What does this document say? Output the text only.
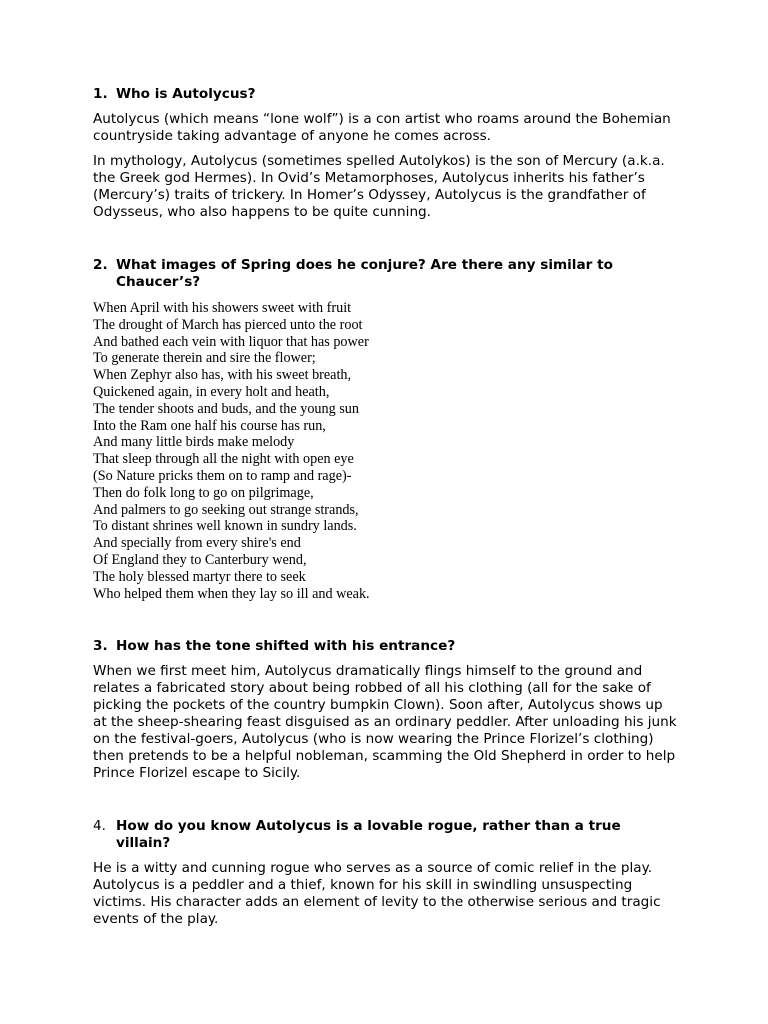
1. Who is Autolycus?

Autolycus (which means “lone wolf”) is a con artist who roams around the Bohemian countryside taking advantage of anyone he comes across.

In mythology, Autolycus (sometimes spelled Autolykos) is the son of Mercury (a.k.a. the Greek god Hermes). In Ovid’s Metamorphoses, Autolycus inherits his father’s (Mercury’s) traits of trickery. In Homer’s Odyssey, Autolycus is the grandfather of Odysseus, who also happens to be quite cunning.

2. What images of Spring does he conjure? Are there any similar to Chaucer’s?
When April with his showers sweet with fruit
The drought of March has pierced unto the root
And bathed each vein with liquor that has power
To generate therein and sire the flower;
When Zephyr also has, with his sweet breath,
Quickened again, in every holt and heath,
The tender shoots and buds, and the young sun
Into the Ram one half his course has run,
And many little birds make melody
That sleep through all the night with open eye
(So Nature pricks them on to ramp and rage)-
Then do folk long to go on pilgrimage,
And palmers to go seeking out strange strands,
To distant shrines well known in sundry lands.
And specially from every shire's end
Of England they to Canterbury wend,
The holy blessed martyr there to seek
Who helped them when they lay so ill and weak.
3. How has the tone shifted with his entrance?

When we first meet him, Autolycus dramatically flings himself to the ground and relates a fabricated story about being robbed of all his clothing (all for the sake of picking the pockets of the country bumpkin Clown). Soon after, Autolycus shows up at the sheep-shearing feast disguised as an ordinary peddler. After unloading his junk on the festival-goers, Autolycus (who is now wearing the Prince Florizel’s clothing) then pretends to be a helpful nobleman, scamming the Old Shepherd in order to help Prince Florizel escape to Sicily.

4. How do you know Autolycus is a lovable rogue, rather than a true villain?

He is a witty and cunning rogue who serves as a source of comic relief in the play. Autolycus is a peddler and a thief, known for his skill in swindling unsuspecting victims. His character adds an element of levity to the otherwise serious and tragic events of the play.
